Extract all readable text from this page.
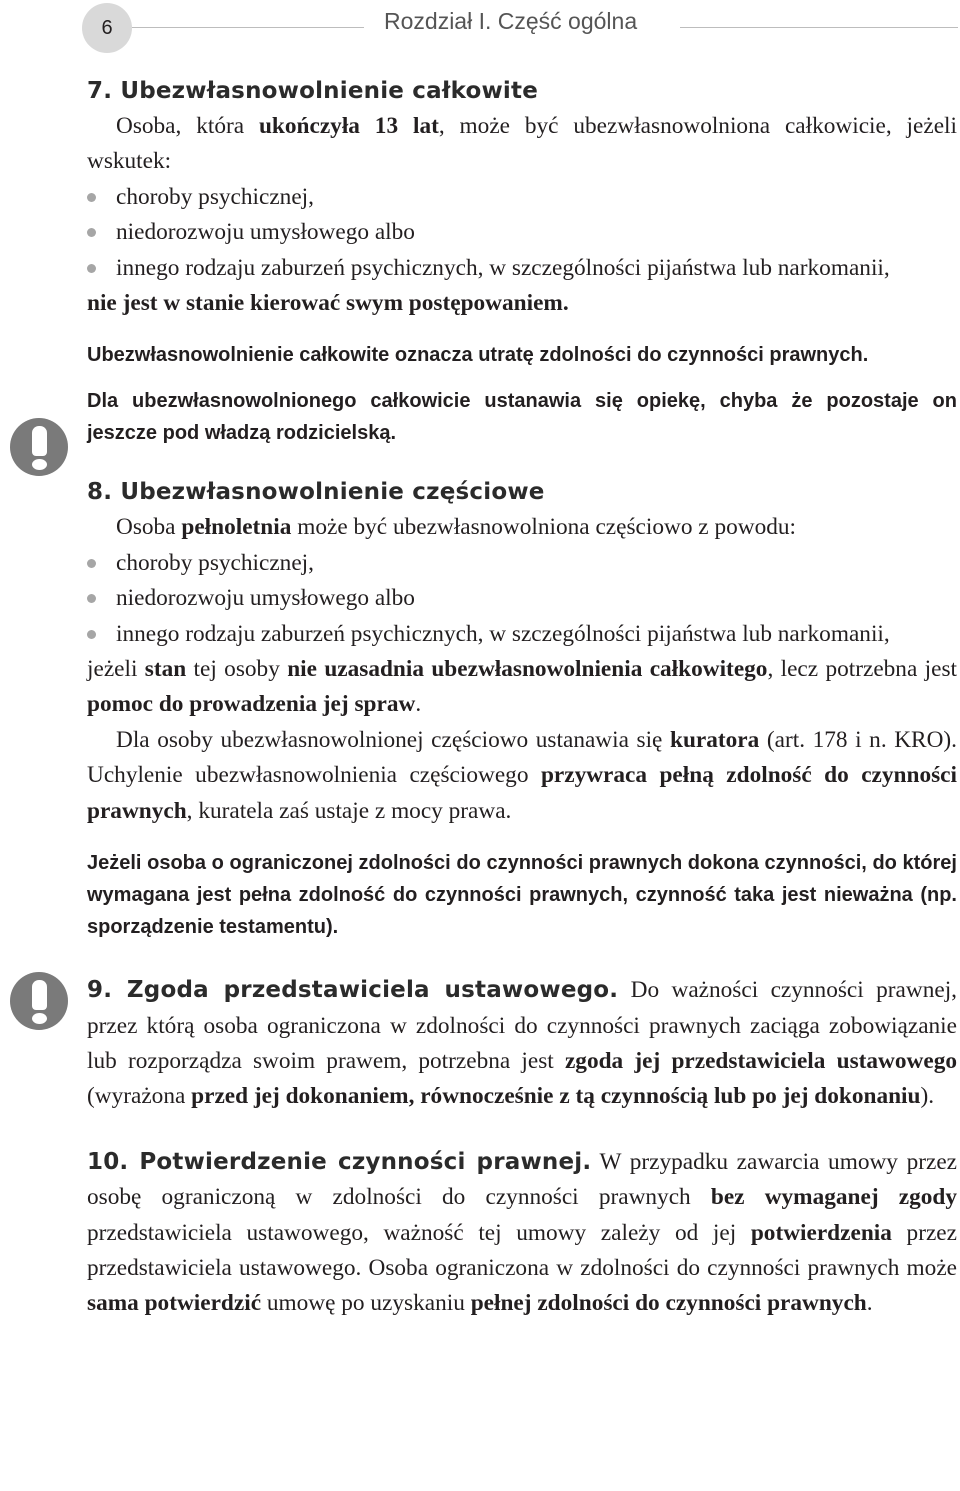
6	Rozdział I. Część ogólna
7. Ubezwłasnowolnienie całkowite

Osoba, która ukończyła 13 lat, może być ubezwłasnowolniona całkowicie, jeżeli wskutek:

choroby psychicznej,
niedorozwoju umysłowego albo
innego rodzaju zaburzeń psychicznych, w szczególności pijaństwa lub narkomanii,

nie jest w stanie kierować swym postępowaniem.

Ubezwłasnowolnienie całkowite oznacza utratę zdolności do czynności prawnych.

Dla ubezwłasnowolnionego całkowicie ustanawia się opiekę, chyba że pozostaje on jeszcze pod władzą rodzicielską.

8. Ubezwłasnowolnienie częściowe

Osoba pełnoletnia może być ubezwłasnowolniona częściowo z powodu:

choroby psychicznej,
niedorozwoju umysłowego albo
innego rodzaju zaburzeń psychicznych, w szczególności pijaństwa lub narkomanii,

jeżeli stan tej osoby nie uzasadnia ubezwłasnowolnienia całkowitego, lecz potrzebna jest pomoc do prowadzenia jej spraw.

Dla osoby ubezwłasnowolnionej częściowo ustanawia się kuratora (art. 178 i n. KRO). Uchylenie ubezwłasnowolnienia częściowego przywraca pełną zdolność do czynności prawnych, kuratela zaś ustaje z mocy prawa.

Jeżeli osoba o ograniczonej zdolności do czynności prawnych dokona czynności, do której wymagana jest pełna zdolność do czynności prawnych, czynność taka jest nieważna (np. sporządzenie testamentu).

9. Zgoda przedstawiciela ustawowego. Do ważności czynności prawnej, przez którą osoba ograniczona w zdolności do czynności prawnych zaciąga zobowiązanie lub rozporządza swoim prawem, potrzebna jest zgoda jej przedstawiciela ustawowego (wyrażona przed jej dokonaniem, równocześnie z tą czynnością lub po jej dokonaniu).

10. Potwierdzenie czynności prawnej. W przypadku zawarcia umowy przez osobę ograniczoną w zdolności do czynności prawnych bez wymaganej zgody przedstawiciela ustawowego, ważność tej umowy zależy od jej potwierdzenia przez przedstawiciela ustawowego. Osoba ograniczona w zdolności do czynności prawnych może sama potwierdzić umowę po uzyskaniu pełnej zdolności do czynności prawnych.
